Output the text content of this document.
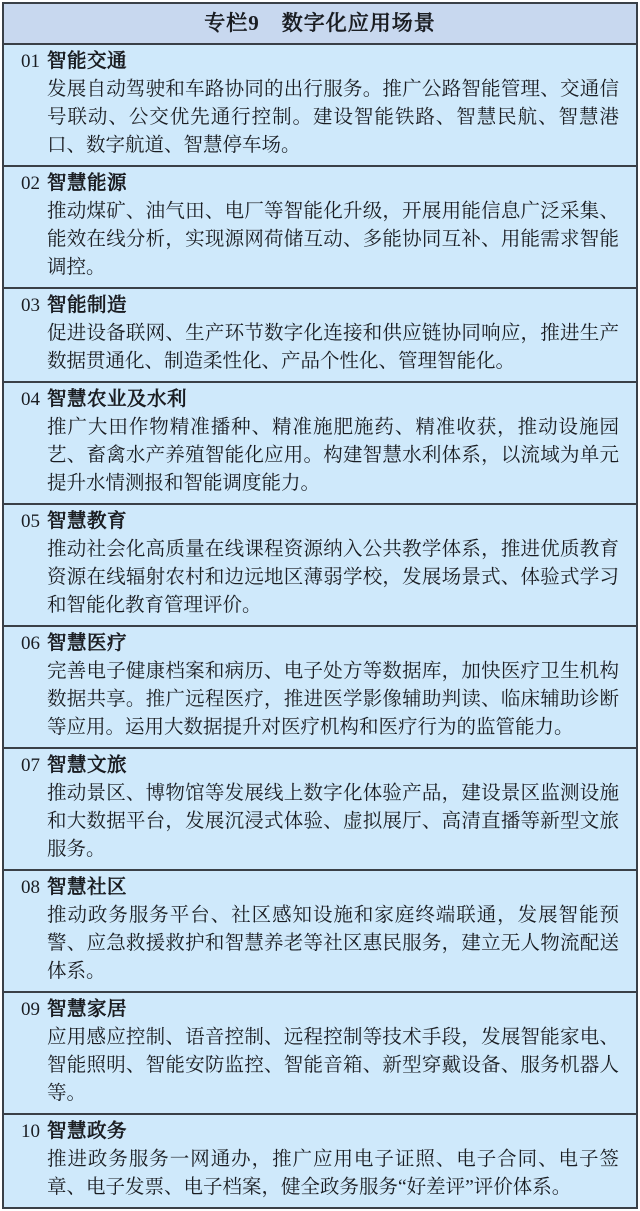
专栏9　数字化应用场景
01 智能交通

发展自动驾驶和车路协同的出行服务。推广公路智能管理、交通信号联动、公交优先通行控制。建设智能铁路、智慧民航、智慧港口、数字航道、智慧停车场。

02 智慧能源

推动煤矿、油气田、电厂等智能化升级，开展用能信息广泛采集、能效在线分析，实现源网荷储互动、多能协同互补、用能需求智能调控。

03 智能制造

促进设备联网、生产环节数字化连接和供应链协同响应，推进生产数据贯通化、制造柔性化、产品个性化、管理智能化。

04 智慧农业及水利

推广大田作物精准播种、精准施肥施药、精准收获，推动设施园艺、畜禽水产养殖智能化应用。构建智慧水利体系，以流域为单元提升水情测报和智能调度能力。

05 智慧教育

推动社会化高质量在线课程资源纳入公共教学体系，推进优质教育资源在线辐射农村和边远地区薄弱学校，发展场景式、体验式学习和智能化教育管理评价。

06 智慧医疗

完善电子健康档案和病历、电子处方等数据库，加快医疗卫生机构数据共享。推广远程医疗，推进医学影像辅助判读、临床辅助诊断等应用。运用大数据提升对医疗机构和医疗行为的监管能力。

07 智慧文旅

推动景区、博物馆等发展线上数字化体验产品，建设景区监测设施和大数据平台，发展沉浸式体验、虚拟展厅、高清直播等新型文旅服务。

08 智慧社区

推动政务服务平台、社区感知设施和家庭终端联通，发展智能预警、应急救援救护和智慧养老等社区惠民服务，建立无人物流配送体系。

09 智慧家居

应用感应控制、语音控制、远程控制等技术手段，发展智能家电、智能照明、智能安防监控、智能音箱、新型穿戴设备、服务机器人等。

10 智慧政务

推进政务服务一网通办，推广应用电子证照、电子合同、电子签章、电子发票、电子档案，健全政务服务“好差评”评价体系。
